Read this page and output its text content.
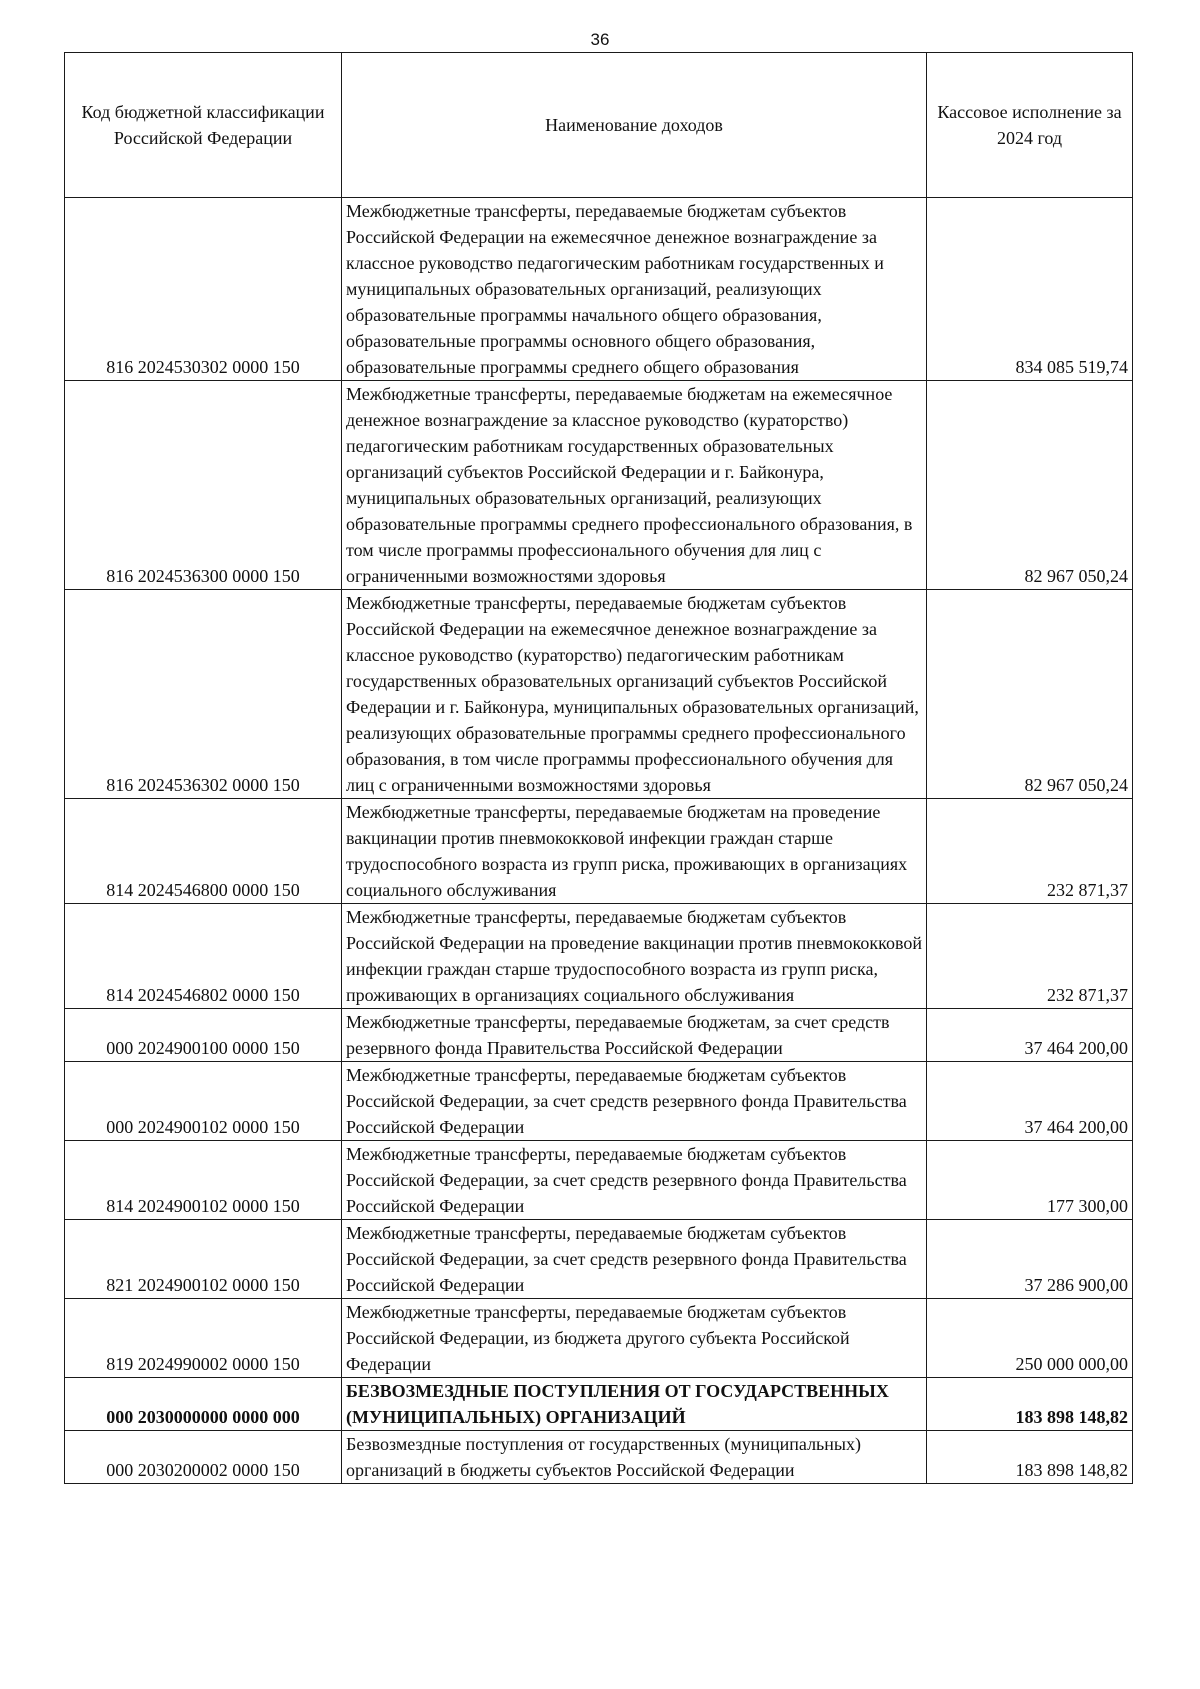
36
Код бюджетной классификации Российской Федерации	Наименование доходов	Кассовое исполнение за 2024 год
816 2024530302 0000 150	Межбюджетные трансферты, передаваемые бюджетам субъектов Российской Федерации на ежемесячное денежное вознаграждение за классное руководство педагогическим работникам государственных и муниципальных образовательных организаций, реализующих образовательные программы начального общего образования, образовательные программы основного общего образования, образовательные программы среднего общего образования	834 085 519,74
816 2024536300 0000 150	Межбюджетные трансферты, передаваемые бюджетам на ежемесячное денежное вознаграждение за классное руководство (кураторство) педагогическим работникам государственных образовательных организаций субъектов Российской Федерации и г. Байконура, муниципальных образовательных организаций, реализующих образовательные программы среднего профессионального образования, в том числе программы профессионального обучения для лиц с ограниченными возможностями здоровья	82 967 050,24
816 2024536302 0000 150	Межбюджетные трансферты, передаваемые бюджетам субъектов Российской Федерации на ежемесячное денежное вознаграждение за классное руководство (кураторство) педагогическим работникам государственных образовательных организаций субъектов Российской Федерации и г. Байконура, муниципальных образовательных организаций, реализующих образовательные программы среднего профессионального образования, в том числе программы профессионального обучения для лиц с ограниченными возможностями здоровья	82 967 050,24
814 2024546800 0000 150	Межбюджетные трансферты, передаваемые бюджетам на проведение вакцинации против пневмококковой инфекции граждан старше трудоспособного возраста из групп риска, проживающих в организациях социального обслуживания	232 871,37
814 2024546802 0000 150	Межбюджетные трансферты, передаваемые бюджетам субъектов Российской Федерации на проведение вакцинации против пневмококковой инфекции граждан старше трудоспособного возраста из групп риска, проживающих в организациях социального обслуживания	232 871,37
000 2024900100 0000 150	Межбюджетные трансферты, передаваемые бюджетам, за счет средств резервного фонда Правительства Российской Федерации	37 464 200,00
000 2024900102 0000 150	Межбюджетные трансферты, передаваемые бюджетам субъектов Российской Федерации, за счет средств резервного фонда Правительства Российской Федерации	37 464 200,00
814 2024900102 0000 150	Межбюджетные трансферты, передаваемые бюджетам субъектов Российской Федерации, за счет средств резервного фонда Правительства Российской Федерации	177 300,00
821 2024900102 0000 150	Межбюджетные трансферты, передаваемые бюджетам субъектов Российской Федерации, за счет средств резервного фонда Правительства Российской Федерации	37 286 900,00
819 2024990002 0000 150	Межбюджетные трансферты, передаваемые бюджетам субъектов Российской Федерации, из бюджета другого субъекта Российской Федерации	250 000 000,00
000 2030000000 0000 000	БЕЗВОЗМЕЗДНЫЕ ПОСТУПЛЕНИЯ ОТ ГОСУДАРСТВЕННЫХ (МУНИЦИПАЛЬНЫХ) ОРГАНИЗАЦИЙ	183 898 148,82
000 2030200002 0000 150	Безвозмездные поступления от государственных (муниципальных) организаций в бюджеты субъектов Российской Федерации	183 898 148,82
